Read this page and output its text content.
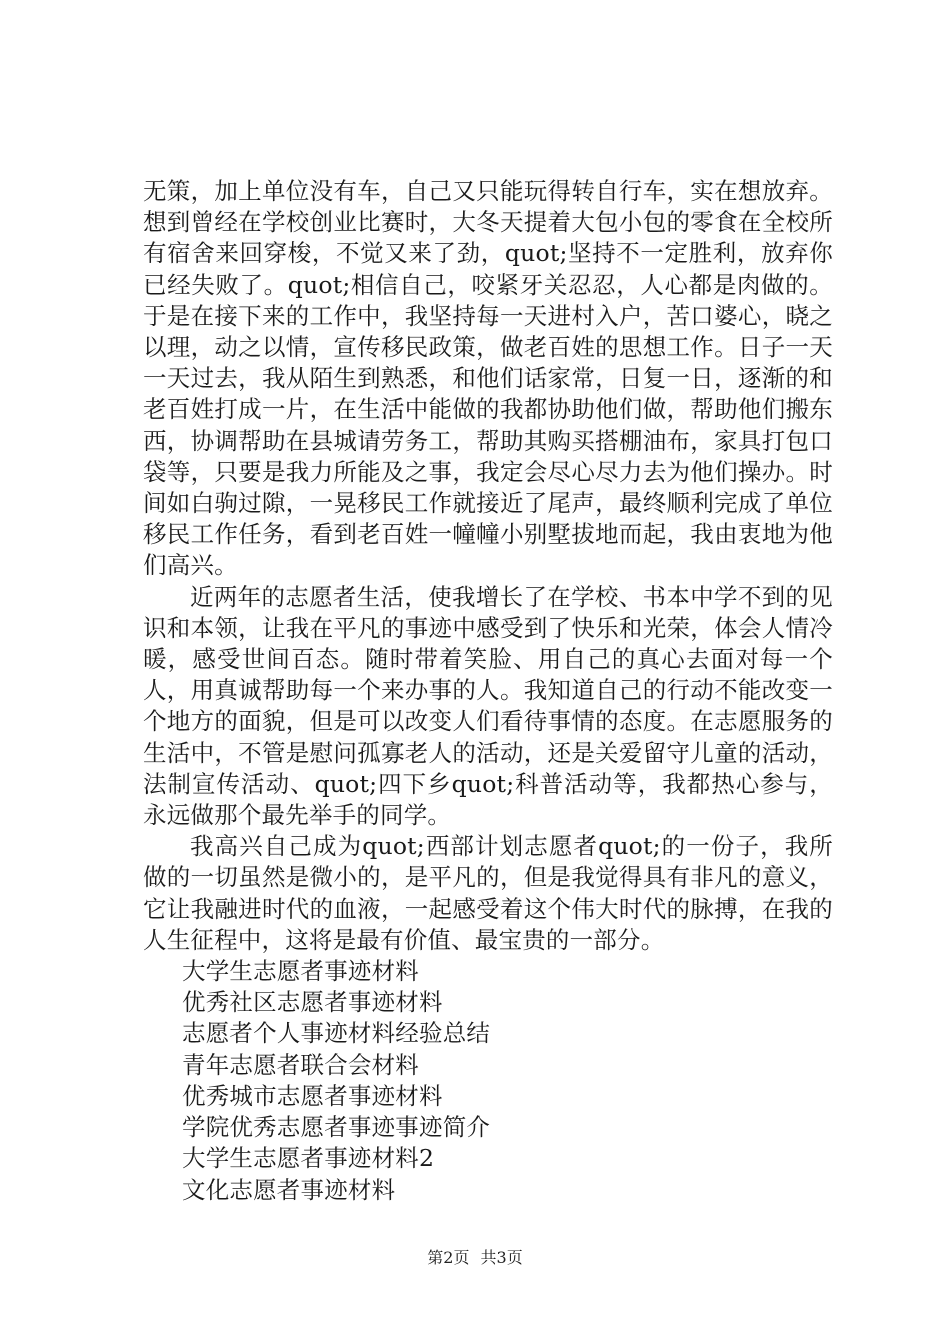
无策，加上单位没有车，自己又只能玩得转自行车，实在想放弃。想到曾经在学校创业比赛时，大冬天提着大包小包的零食在全校所有宿舍来回穿梭，不觉又来了劲，quot;坚持不一定胜利，放弃你已经失败了。quot;相信自己，咬紧牙关忍忍，人心都是肉做的。于是在接下来的工作中，我坚持每一天进村入户，苦口婆心，晓之以理，动之以情，宣传移民政策，做老百姓的思想工作。日子一天一天过去，我从陌生到熟悉，和他们话家常，日复一日，逐渐的和老百姓打成一片，在生活中能做的我都协助他们做，帮助他们搬东西，协调帮助在县城请劳务工，帮助其购买搭棚油布，家具打包口袋等，只要是我力所能及之事，我定会尽心尽力去为他们操办。时间如白驹过隙，一晃移民工作就接近了尾声，最终顺利完成了单位移民工作任务，看到老百姓一幢幢小别墅拔地而起，我由衷地为他们高兴。

近两年的志愿者生活，使我增长了在学校、书本中学不到的见识和本领，让我在平凡的事迹中感受到了快乐和光荣，体会人情冷暖，感受世间百态。随时带着笑脸、用自己的真心去面对每一个人，用真诚帮助每一个来办事的人。我知道自己的行动不能改变一个地方的面貌，但是可以改变人们看待事情的态度。在志愿服务的生活中，不管是慰问孤寡老人的活动，还是关爱留守儿童的活动，法制宣传活动、quot;四下乡quot;科普活动等，我都热心参与，永远做那个最先举手的同学。

我高兴自己成为quot;西部计划志愿者quot;的一份子，我所做的一切虽然是微小的，是平凡的，但是我觉得具有非凡的意义，它让我融进时代的血液，一起感受着这个伟大时代的脉搏，在我的人生征程中，这将是最有价值、最宝贵的一部分。

大学生志愿者事迹材料
优秀社区志愿者事迹材料
志愿者个人事迹材料经验总结
青年志愿者联合会材料
优秀城市志愿者事迹材料
学院优秀志愿者事迹事迹简介
大学生志愿者事迹材料2
文化志愿者事迹材料
第2页 共3页
